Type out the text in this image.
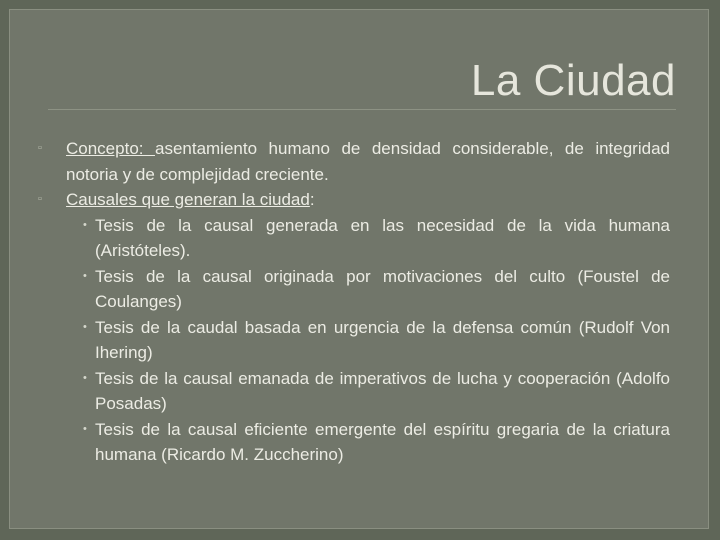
La Ciudad
▫ Concepto: asentamiento humano de densidad considerable, de integridad notoria y de complejidad creciente.
▫ Causales que generan la ciudad:
• Tesis de la causal generada en las necesidad de la vida humana (Aristóteles).
• Tesis de la causal originada por motivaciones del culto (Foustel de Coulanges)
• Tesis de la caudal basada en urgencia de la defensa común (Rudolf Von Ihering)
• Tesis de la causal emanada de imperativos de lucha y cooperación (Adolfo Posadas)
• Tesis de la causal eficiente emergente del espíritu gregaria de la criatura humana (Ricardo M. Zuccherino)
